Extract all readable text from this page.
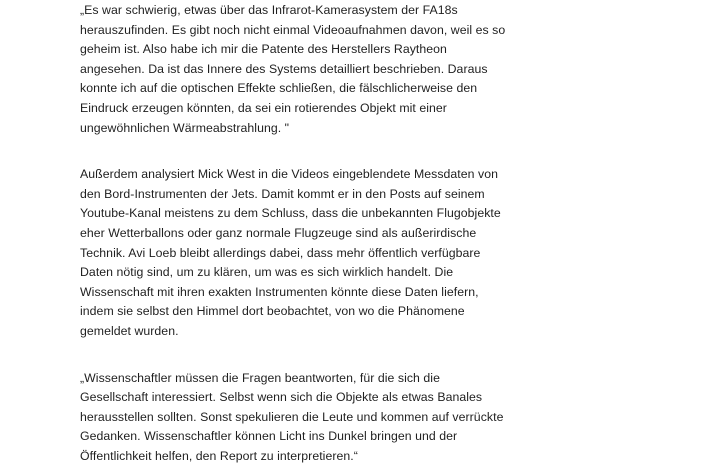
„Es war schwierig, etwas über das Infrarot-Kamerasystem der FA18s
herauszufinden. Es gibt noch nicht einmal Videoaufnahmen davon, weil es so
geheim ist. Also habe ich mir die Patente des Herstellers Raytheon
angesehen. Da ist das Innere des Systems detailliert beschrieben. Daraus
konnte ich auf die optischen Effekte schließen, die fälschlicherweise den
Eindruck erzeugen könnten, da sei ein rotierendes Objekt mit einer
ungewöhnlichen Wärmeabstrahlung. "

Außerdem analysiert Mick West in die Videos eingeblendete Messdaten von
den Bord-Instrumenten der Jets. Damit kommt er in den Posts auf seinem
Youtube-Kanal meistens zu dem Schluss, dass die unbekannten Flugobjekte
eher Wetterballons oder ganz normale Flugzeuge sind als außerirdische
Technik. Avi Loeb bleibt allerdings dabei, dass mehr öffentlich verfügbare
Daten nötig sind, um zu klären, um was es sich wirklich handelt. Die
Wissenschaft mit ihren exakten Instrumenten könnte diese Daten liefern,
indem sie selbst den Himmel dort beobachtet, von wo die Phänomene
gemeldet wurden.

„Wissenschaftler müssen die Fragen beantworten, für die sich die
Gesellschaft interessiert. Selbst wenn sich die Objekte als etwas Banales
herausstellen sollten. Sonst spekulieren die Leute und kommen auf verrückte
Gedanken. Wissenschaftler können Licht ins Dunkel bringen und der
Öffentlichkeit helfen, den Report zu interpretieren.“
